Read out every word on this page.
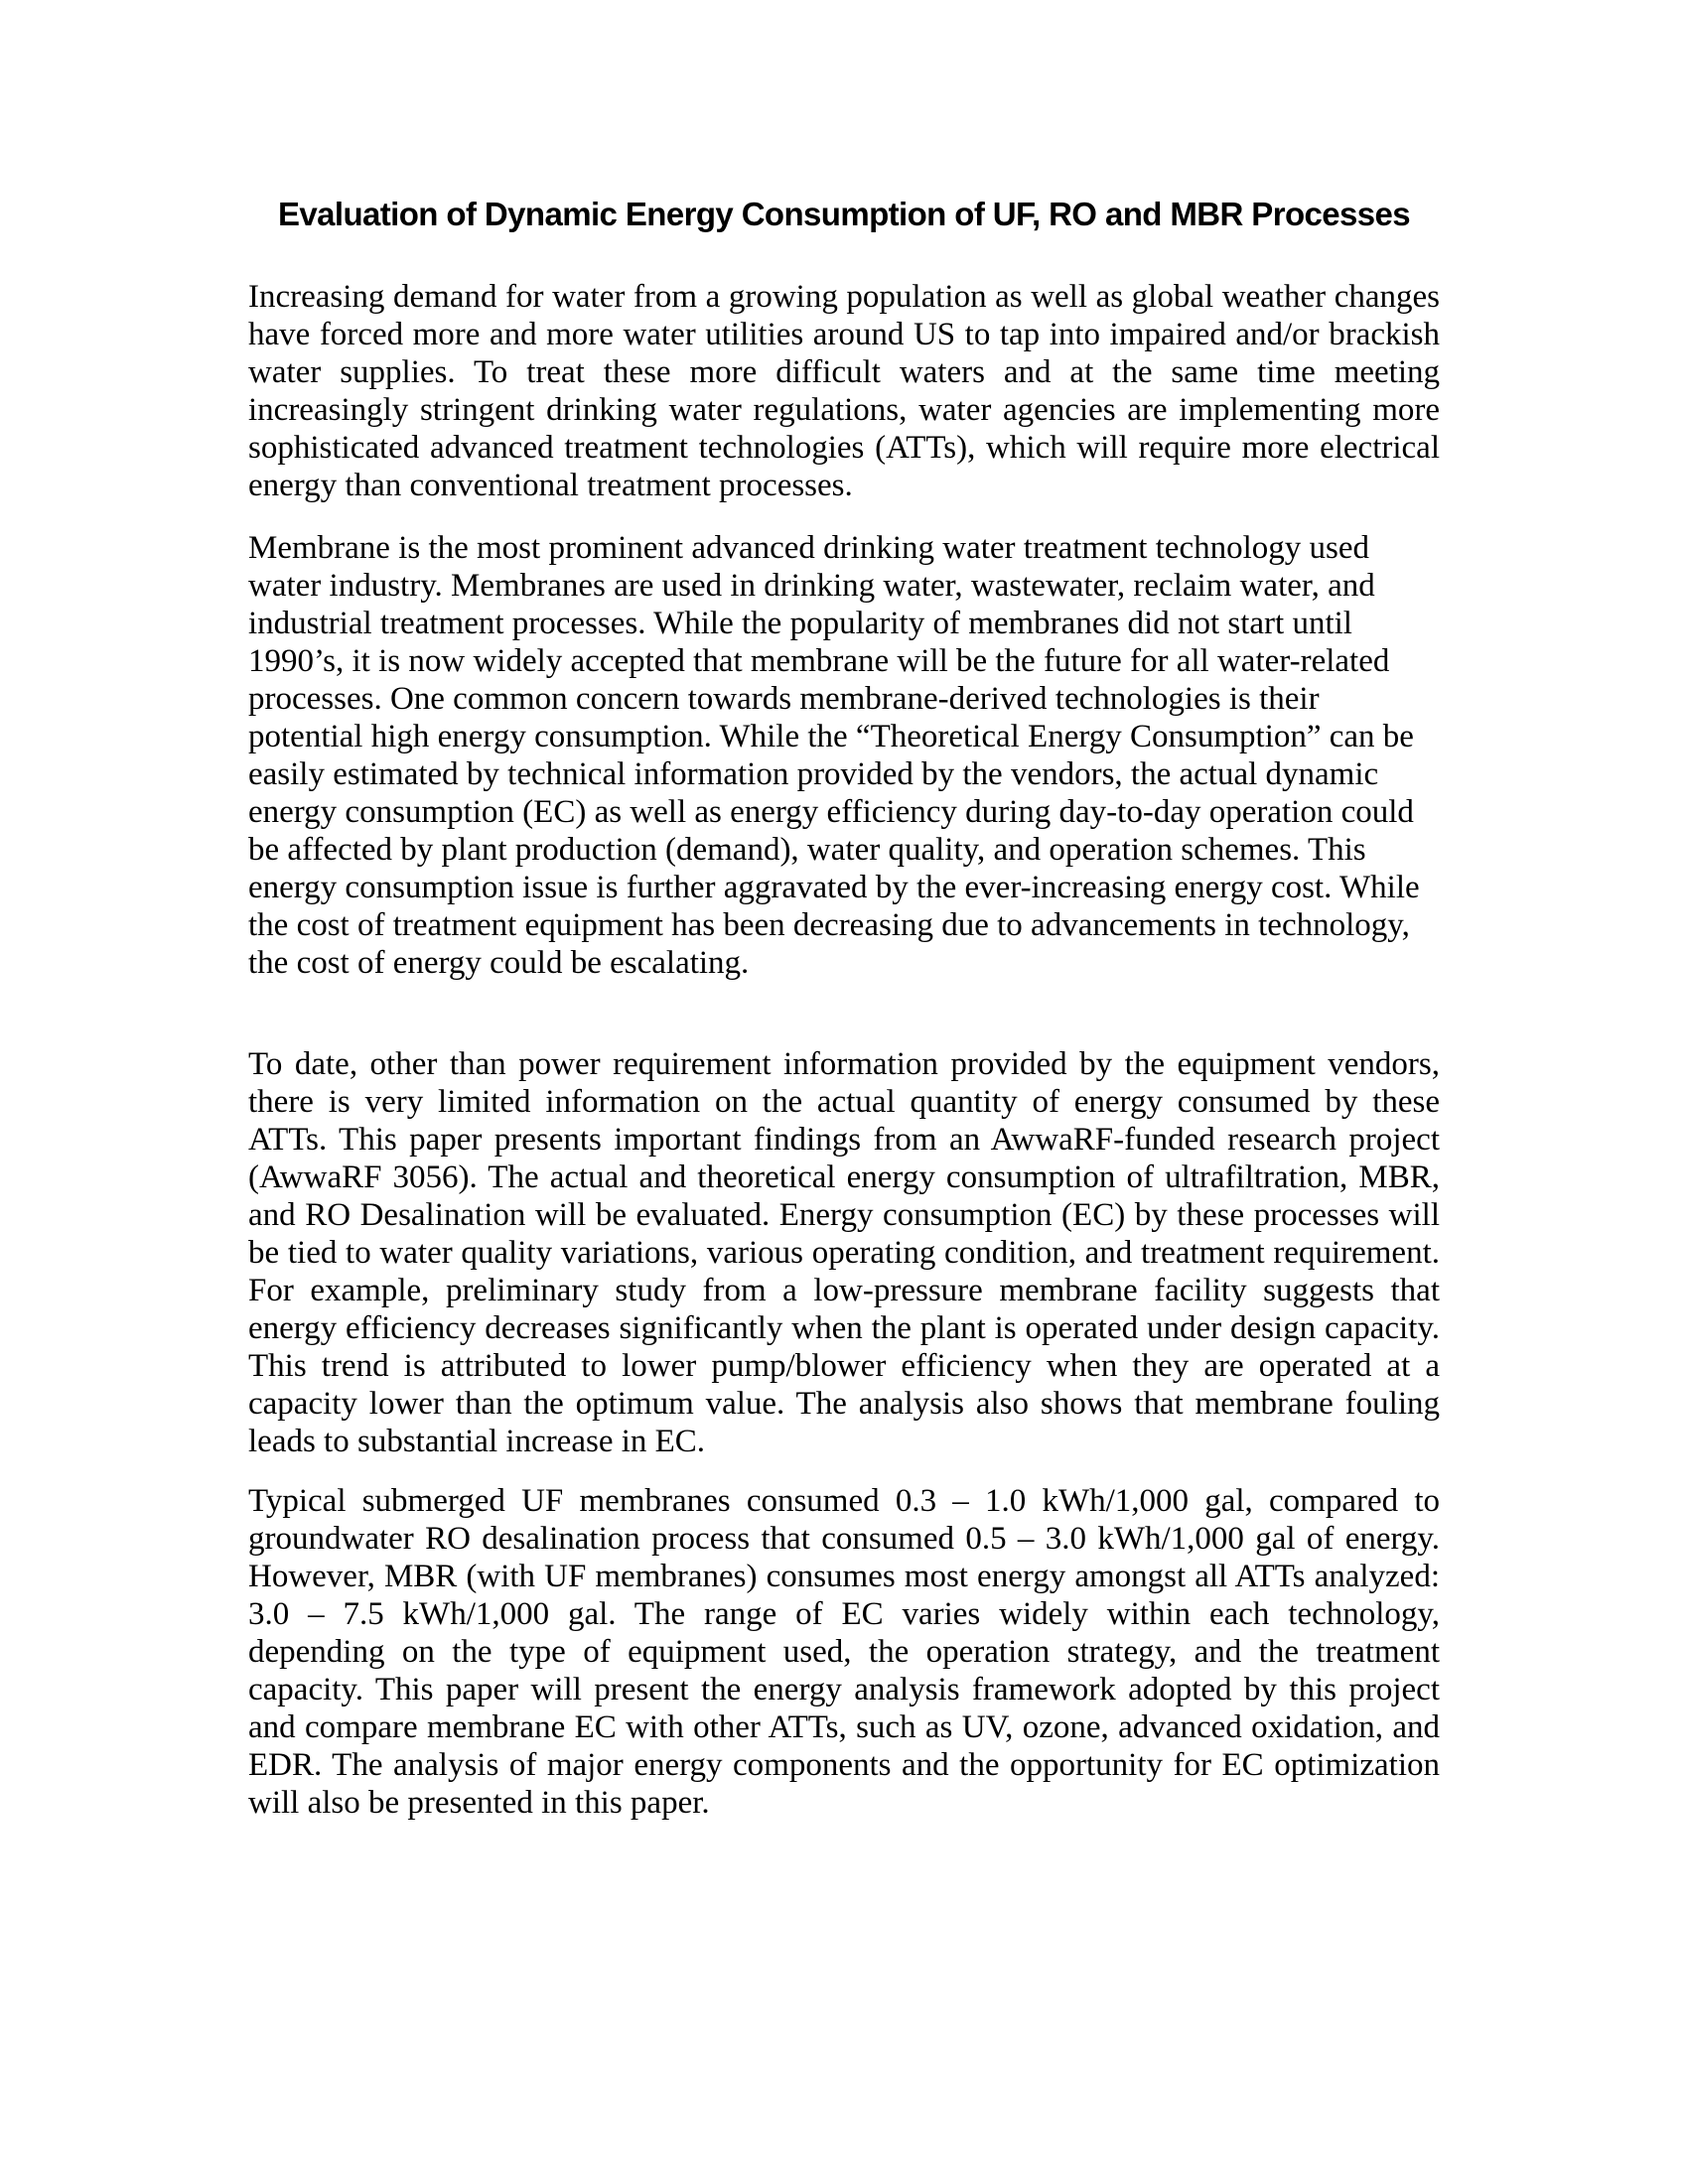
Evaluation of Dynamic Energy Consumption of UF, RO and MBR Processes

Increasing demand for water from a growing population as well as global weather changes have forced more and more water utilities around US to tap into impaired and/or brackish water supplies. To treat these more difficult waters and at the same time meeting increasingly stringent drinking water regulations, water agencies are implementing more sophisticated advanced treatment technologies (ATTs), which will require more electrical energy than conventional treatment processes.

Membrane is the most prominent advanced drinking water treatment technology used water industry. Membranes are used in drinking water, wastewater, reclaim water, and industrial treatment processes. While the popularity of membranes did not start until 1990’s, it is now widely accepted that membrane will be the future for all water-related processes. One common concern towards membrane-derived technologies is their potential high energy consumption. While the “Theoretical Energy Consumption” can be easily estimated by technical information provided by the vendors, the actual dynamic energy consumption (EC) as well as energy efficiency during day-to-day operation could be affected by plant production (demand), water quality, and operation schemes. This energy consumption issue is further aggravated by the ever-increasing energy cost. While the cost of treatment equipment has been decreasing due to advancements in technology, the cost of energy could be escalating.

To date, other than power requirement information provided by the equipment vendors, there is very limited information on the actual quantity of energy consumed by these ATTs. This paper presents important findings from an AwwaRF-funded research project (AwwaRF 3056). The actual and theoretical energy consumption of ultrafiltration, MBR, and RO Desalination will be evaluated. Energy consumption (EC) by these processes will be tied to water quality variations, various operating condition, and treatment requirement. For example, preliminary study from a low-pressure membrane facility suggests that energy efficiency decreases significantly when the plant is operated under design capacity. This trend is attributed to lower pump/blower efficiency when they are operated at a capacity lower than the optimum value. The analysis also shows that membrane fouling leads to substantial increase in EC.

Typical submerged UF membranes consumed 0.3 – 1.0 kWh/1,000 gal, compared to groundwater RO desalination process that consumed 0.5 – 3.0 kWh/1,000 gal of energy. However, MBR (with UF membranes) consumes most energy amongst all ATTs analyzed: 3.0 – 7.5 kWh/1,000 gal. The range of EC varies widely within each technology, depending on the type of equipment used, the operation strategy, and the treatment capacity. This paper will present the energy analysis framework adopted by this project and compare membrane EC with other ATTs, such as UV, ozone, advanced oxidation, and EDR. The analysis of major energy components and the opportunity for EC optimization will also be presented in this paper.
